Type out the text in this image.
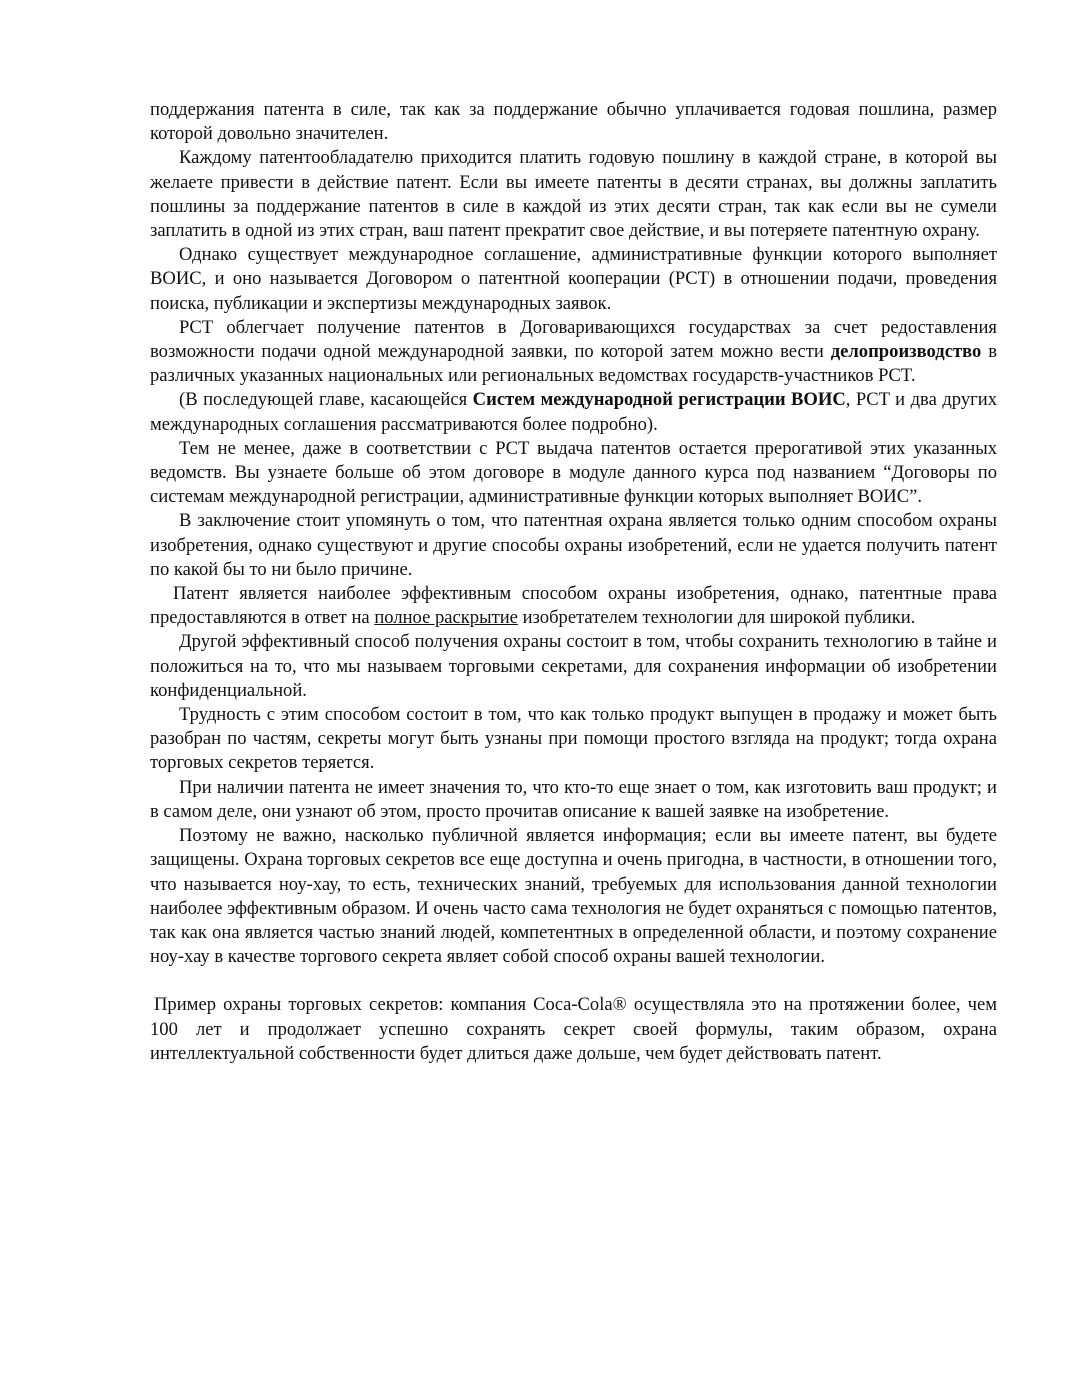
поддержания патента в силе, так как за поддержание обычно уплачивается годовая пошлина, размер которой довольно значителен.

Каждому патентообладателю приходится платить годовую пошлину в каждой стране, в которой вы желаете привести в действие патент. Если вы имеете патенты в десяти странах, вы должны заплатить пошлины за поддержание патентов в силе в каждой из этих десяти стран, так как если вы не сумели заплатить в одной из этих стран, ваш патент прекратит свое действие, и вы потеряете патентную охрану.

Однако существует международное соглашение, административные функции которого выполняет ВОИС, и оно называется Договором о патентной кооперации (PCT) в отношении подачи, проведения поиска, публикации и экспертизы международных заявок.

PCT облегчает получение патентов в Договаривающихся государствах за счет редоставления возможности подачи одной международной заявки, по которой затем можно вести делопроизводство в различных указанных национальных или региональных ведомствах государств-участников PCT.

(В последующей главе, касающейся Систем международной регистрации ВОИС, PCT и два других международных соглашения рассматриваются более подробно).

Тем не менее, даже в соответствии с PCT выдача патентов остается прерогативой этих указанных ведомств. Вы узнаете больше об этом договоре в модуле данного курса под названием “Договоры по системам международной регистрации, административные функции которых выполняет ВОИС”.

В заключение стоит упомянуть о том, что патентная охрана является только одним способом охраны изобретения, однако существуют и другие способы охраны изобретений, если не удается получить патент по какой бы то ни было причине.

Патент является наиболее эффективным способом охраны изобретения, однако, патентные права предоставляются в ответ на полное раскрытие изобретателем технологии для широкой публики.

Другой эффективный способ получения охраны состоит в том, чтобы сохранить технологию в тайне и положиться на то, что мы называем торговыми секретами, для сохранения информации об изобретении конфиденциальной.

Трудность с этим способом состоит в том, что как только продукт выпущен в продажу и может быть разобран по частям, секреты могут быть узнаны при помощи простого взгляда на продукт; тогда охрана торговых секретов теряется.

При наличии патента не имеет значения то, что кто-то еще знает о том, как изготовить ваш продукт; и в самом деле, они узнают об этом, просто прочитав описание к вашей заявке на изобретение.

Поэтому не важно, насколько публичной является информация; если вы имеете патент, вы будете защищены. Охрана торговых секретов все еще доступна и очень пригодна, в частности, в отношении того, что называется ноу-хау, то есть, технических знаний, требуемых для использования данной технологии наиболее эффективным образом. И очень часто сама технология не будет охраняться с помощью патентов, так как она является частью знаний людей, компетентных в определенной области, и поэтому сохранение ноу-хау в качестве торгового секрета являет собой способ охраны вашей технологии.

Пример охраны торговых секретов: компания Coca-Cola® осуществляла это на протяжении более, чем 100 лет и продолжает успешно сохранять секрет своей формулы, таким образом, охрана интеллектуальной собственности будет длиться даже дольше, чем будет действовать патент.
